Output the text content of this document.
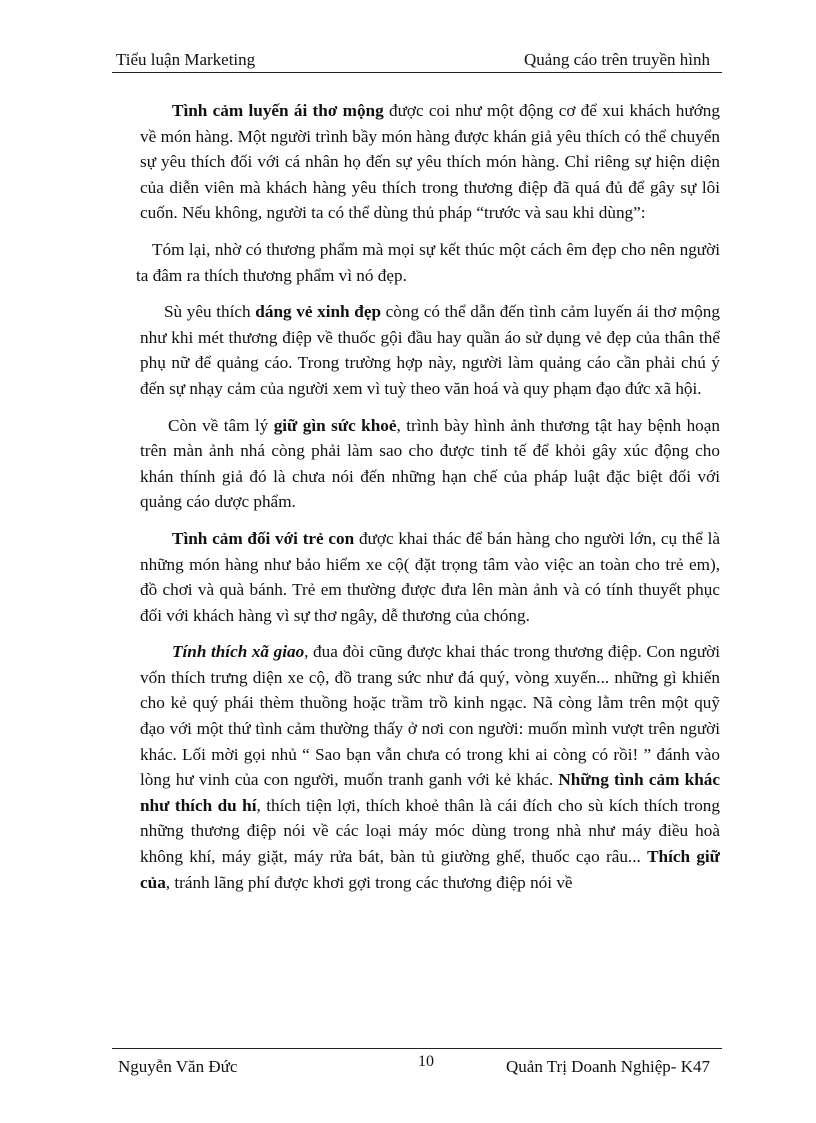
Tiểu luận Marketing	Quảng cáo trên truyền hình

Tình cảm luyến ái thơ mộng được coi như một động cơ để xui khách hướng về món hàng. Một người trình bầy món hàng được khán giả yêu thích có thể chuyển sự yêu thích đối với cá nhân họ đến sự yêu thích món hàng. Chỉ riêng sự hiện diện của diễn viên mà khách hàng yêu thích trong thương điệp đã quá đủ để gây sự lôi cuốn. Nếu không, người ta có thể dùng thủ pháp “trước và sau khi dùng”:

Tóm lại, nhờ có thương phẩm mà mọi sự kết thúc một cách êm đẹp cho nên người ta đâm ra thích thương phẩm vì nó đẹp.

Sù yêu thích dáng vẻ xinh đẹp còng có thể dẫn đến tình cảm luyến ái thơ mộng như khi mét thương điệp về thuốc gội đầu hay quần áo sử dụng vẻ đẹp của thân thể phụ nữ để quảng cáo. Trong trường hợp này, người làm quảng cáo cần phải chú ý đến sự nhạy cảm của người xem vì tuỳ theo văn hoá và quy phạm đạo đức xã hội.

Còn về tâm lý giữ gìn sức khoẻ, trình bày hình ảnh thương tật hay bệnh hoạn trên màn ảnh nhá còng phải làm sao cho được tinh tế để khỏi gây xúc động cho khán thính giả đó là chưa nói đến những hạn chế của pháp luật đặc biệt đối với quảng cáo dược phẩm.

Tình cảm đối với trẻ con được khai thác để bán hàng cho người lớn, cụ thể là những món hàng như bảo hiểm xe cộ( đặt trọng tâm vào việc an toàn cho trẻ em), đồ chơi và quà bánh. Trẻ em thường được đưa lên màn ảnh và có tính thuyết phục đối với khách hàng vì sự thơ ngây, dễ thương của chóng.

Tính thích xã giao, đua đòi cũng được khai thác trong thương điệp. Con người vốn thích trưng diện xe cộ, đồ trang sức như đá quý, vòng xuyến... những gì khiến cho kẻ quý phái thèm thuồng hoặc trầm trồ kinh ngạc. Nã còng lằm trên một quỹ đạo với một thứ tình cảm thường thấy ở nơi con người: muốn mình vượt trên người khác. Lối mời gọi nhủ “ Sao bạn vẫn chưa có trong khi ai còng có rồi! ” đánh vào lòng hư vinh của con người, muốn tranh ganh với kẻ khác. Những tình cảm khác như thích du hí, thích tiện lợi, thích khoẻ thân là cái đích cho sù kích thích trong những thương điệp nói về các loại máy móc dùng trong nhà như máy điều hoà không khí, máy giặt, máy rửa bát, bàn tủ giường ghế, thuốc cạo râu... Thích giữ của, tránh lãng phí được khơi gợi trong các thương điệp nói về

Nguyễn Văn Đức	10	Quản Trị Doanh Nghiệp- K47
